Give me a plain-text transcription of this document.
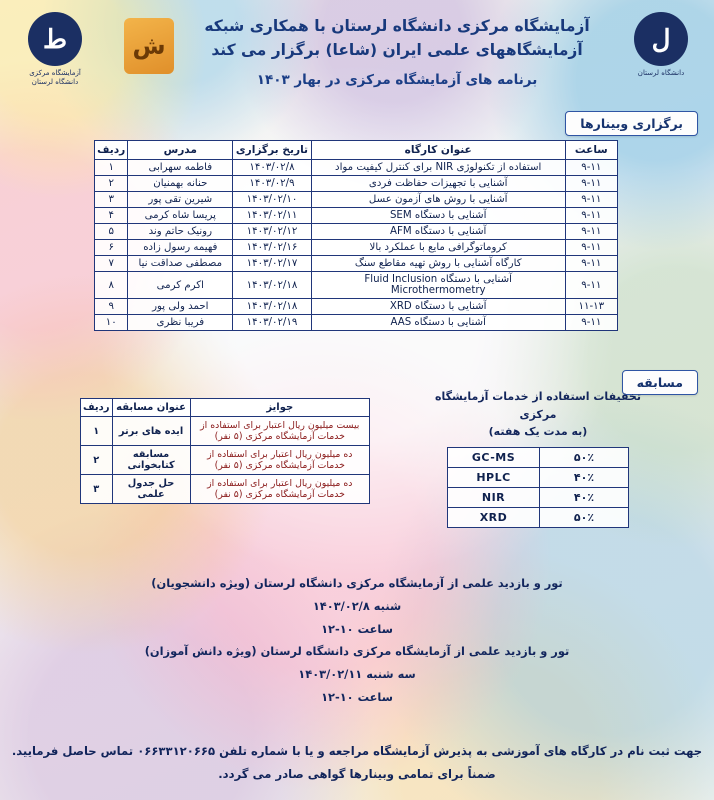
ط
آزمایشگاه مرکزی
دانشگاه لرستان
ش
آزمایشگاه مرکزی دانشگاه لرستان با همکاری شبکه
آزمایشگاههای علمی ایران (شاعا) برگزار می کند
برنامه های آزمایشگاه مرکزی در بهار ۱۴۰۳
ل
دانشگاه لرستان
برگزاری وبینارها
ساعت	عنوان کارگاه	تاریخ برگزاری	مدرس	ردیف
۹-۱۱	استفاده از تکنولوژی NIR برای کنترل کیفیت مواد	۱۴۰۳/۰۲/۸	فاطمه سهرابی	۱
۹-۱۱	آشنایی با تجهیزات حفاظت فردی	۱۴۰۳/۰۲/۹	حنانه بهمنیان	۲
۹-۱۱	آشنایی با روش های آزمون عسل	۱۴۰۳/۰۲/۱۰	شیرین تقی پور	۳
۹-۱۱	آشنایی با دستگاه SEM	۱۴۰۳/۰۲/۱۱	پریسا شاه کرمی	۴
۹-۱۱	آشنایی با دستگاه AFM	۱۴۰۳/۰۲/۱۲	رونیک حاتم وند	۵
۹-۱۱	کروماتوگرافی مایع با عملکرد بالا	۱۴۰۳/۰۲/۱۶	فهیمه رسول زاده	۶
۹-۱۱	کارگاه آشنایی با روش تهیه مقاطع سنگ	۱۴۰۳/۰۲/۱۷	مصطفی صداقت نیا	۷
۹-۱۱	آشنایی با دستگاه Fluid Inclusion Microthermometry	۱۴۰۳/۰۲/۱۸	اکرم کرمی	۸
۱۱-۱۳	آشنایی با دستگاه XRD	۱۴۰۳/۰۲/۱۸	احمد ولی پور	۹
۹-۱۱	آشنایی با دستگاه AAS	۱۴۰۳/۰۲/۱۹	فریبا نظری	۱۰
مسابقه
جوایز	عنوان مسابقه	ردیف
بیست میلیون ریال اعتبار برای استفاده از خدمات آزمایشگاه مرکزی (۵ نفر)	ایده های برتر	۱
ده میلیون ریال اعتبار برای استفاده از خدمات آزمایشگاه مرکزی (۵ نفر)	مسابقه کتابخوانی	۲
ده میلیون ریال اعتبار برای استفاده از خدمات آزمایشگاه مرکزی (۵ نفر)	حل جدول علمی	۳
تخفیفات استفاده از خدمات آزمایشگاه مرکزی
(به مدت یک هفته)
۵۰٪	GC-MS
۴۰٪	HPLC
۴۰٪	NIR
۵۰٪	XRD
تور و بازدید علمی از آزمایشگاه مرکزی دانشگاه لرستان (ویژه دانشجویان)
شنبه ۱۴۰۳/۰۲/۸
ساعت ۱۰-۱۲
تور و بازدید علمی از آزمایشگاه مرکزی دانشگاه لرستان (ویژه دانش آموزان)
سه شنبه ۱۴۰۳/۰۲/۱۱
ساعت ۱۰-۱۲
جهت ثبت نام در کارگاه های آموزشی به پذیرش آزمایشگاه مراجعه و یا با شماره تلفن ۰۶۶۳۳۱۲۰۶۶۵ تماس حاصل فرمایید.
ضمناً برای تمامی وبینارها گواهی صادر می گردد.
